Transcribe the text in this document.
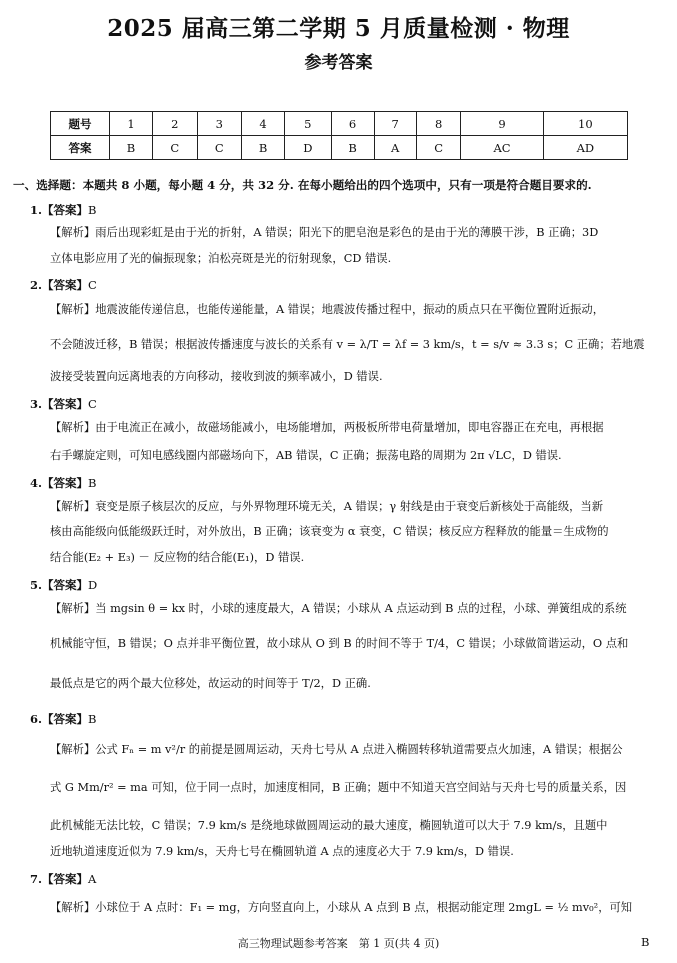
2025 届高三第二学期 5 月质量检测 · 物理
参考答案
题号	1	2	3	4	5	6	7	8	9	10
答案	B	C	C	B	D	B	A	C	AC	AD
一、选择题：本题共 8 小题，每小题 4 分，共 32 分. 在每小题给出的四个选项中，只有一项是符合题目要求的.
1.【答案】B
【解析】雨后出现彩虹是由于光的折射，A 错误；阳光下的肥皂泡是彩色的是由于光的薄膜干涉，B 正确；3D
立体电影应用了光的偏振现象；泊松亮斑是光的衍射现象，CD 错误.
2.【答案】C
【解析】地震波能传递信息，也能传递能量，A 错误；地震波传播过程中，振动的质点只在平衡位置附近振动，
不会随波迁移，B 错误；根据波传播速度与波长的关系有 v = λ/T = λf = 3 km/s，t = s/v ≈ 3.3 s；C 正确；若地震
波接受装置向远离地表的方向移动，接收到波的频率减小，D 错误.
3.【答案】C
【解析】由于电流正在减小，故磁场能减小，电场能增加，两极板所带电荷量增加，即电容器正在充电，再根据
右手螺旋定则，可知电感线圈内部磁场向下，AB 错误，C 正确；振荡电路的周期为 2π √LC，D 错误.
4.【答案】B
【解析】衰变是原子核层次的反应，与外界物理环境无关，A 错误；γ 射线是由于衰变后新核处于高能级，当新
核由高能级向低能级跃迁时，对外放出，B 正确；该衰变为 α 衰变，C 错误；核反应方程释放的能量＝生成物的
结合能(E₂ + E₃) － 反应物的结合能(E₁)，D 错误.
5.【答案】D
【解析】当 mgsin θ = kx 时，小球的速度最大，A 错误；小球从 A 点运动到 B 点的过程，小球、弹簧组成的系统
机械能守恒，B 错误；O 点并非平衡位置，故小球从 O 到 B 的时间不等于 T/4，C 错误；小球做简谐运动，O 点和
最低点是它的两个最大位移处，故运动的时间等于 T/2，D 正确.
6.【答案】B
【解析】公式 Fₙ = m v²/r 的前提是圆周运动，天舟七号从 A 点进入椭圆转移轨道需要点火加速，A 错误；根据公
式 G Mm/r² = ma 可知，位于同一点时，加速度相同，B 正确；题中不知道天宫空间站与天舟七号的质量关系，因
此机械能无法比较，C 错误；7.9 km/s 是绕地球做圆周运动的最大速度，椭圆轨道可以大于 7.9 km/s，且题中
近地轨道速度近似为 7.9 km/s，天舟七号在椭圆轨道 A 点的速度必大于 7.9 km/s，D 错误.
7.【答案】A
【解析】小球位于 A 点时：F₁ = mg，方向竖直向上，小球从 A 点到 B 点，根据动能定理 2mgL = ½ mv₀²，可知
高三物理试题参考答案　第 1 页(共 4 页)	B
